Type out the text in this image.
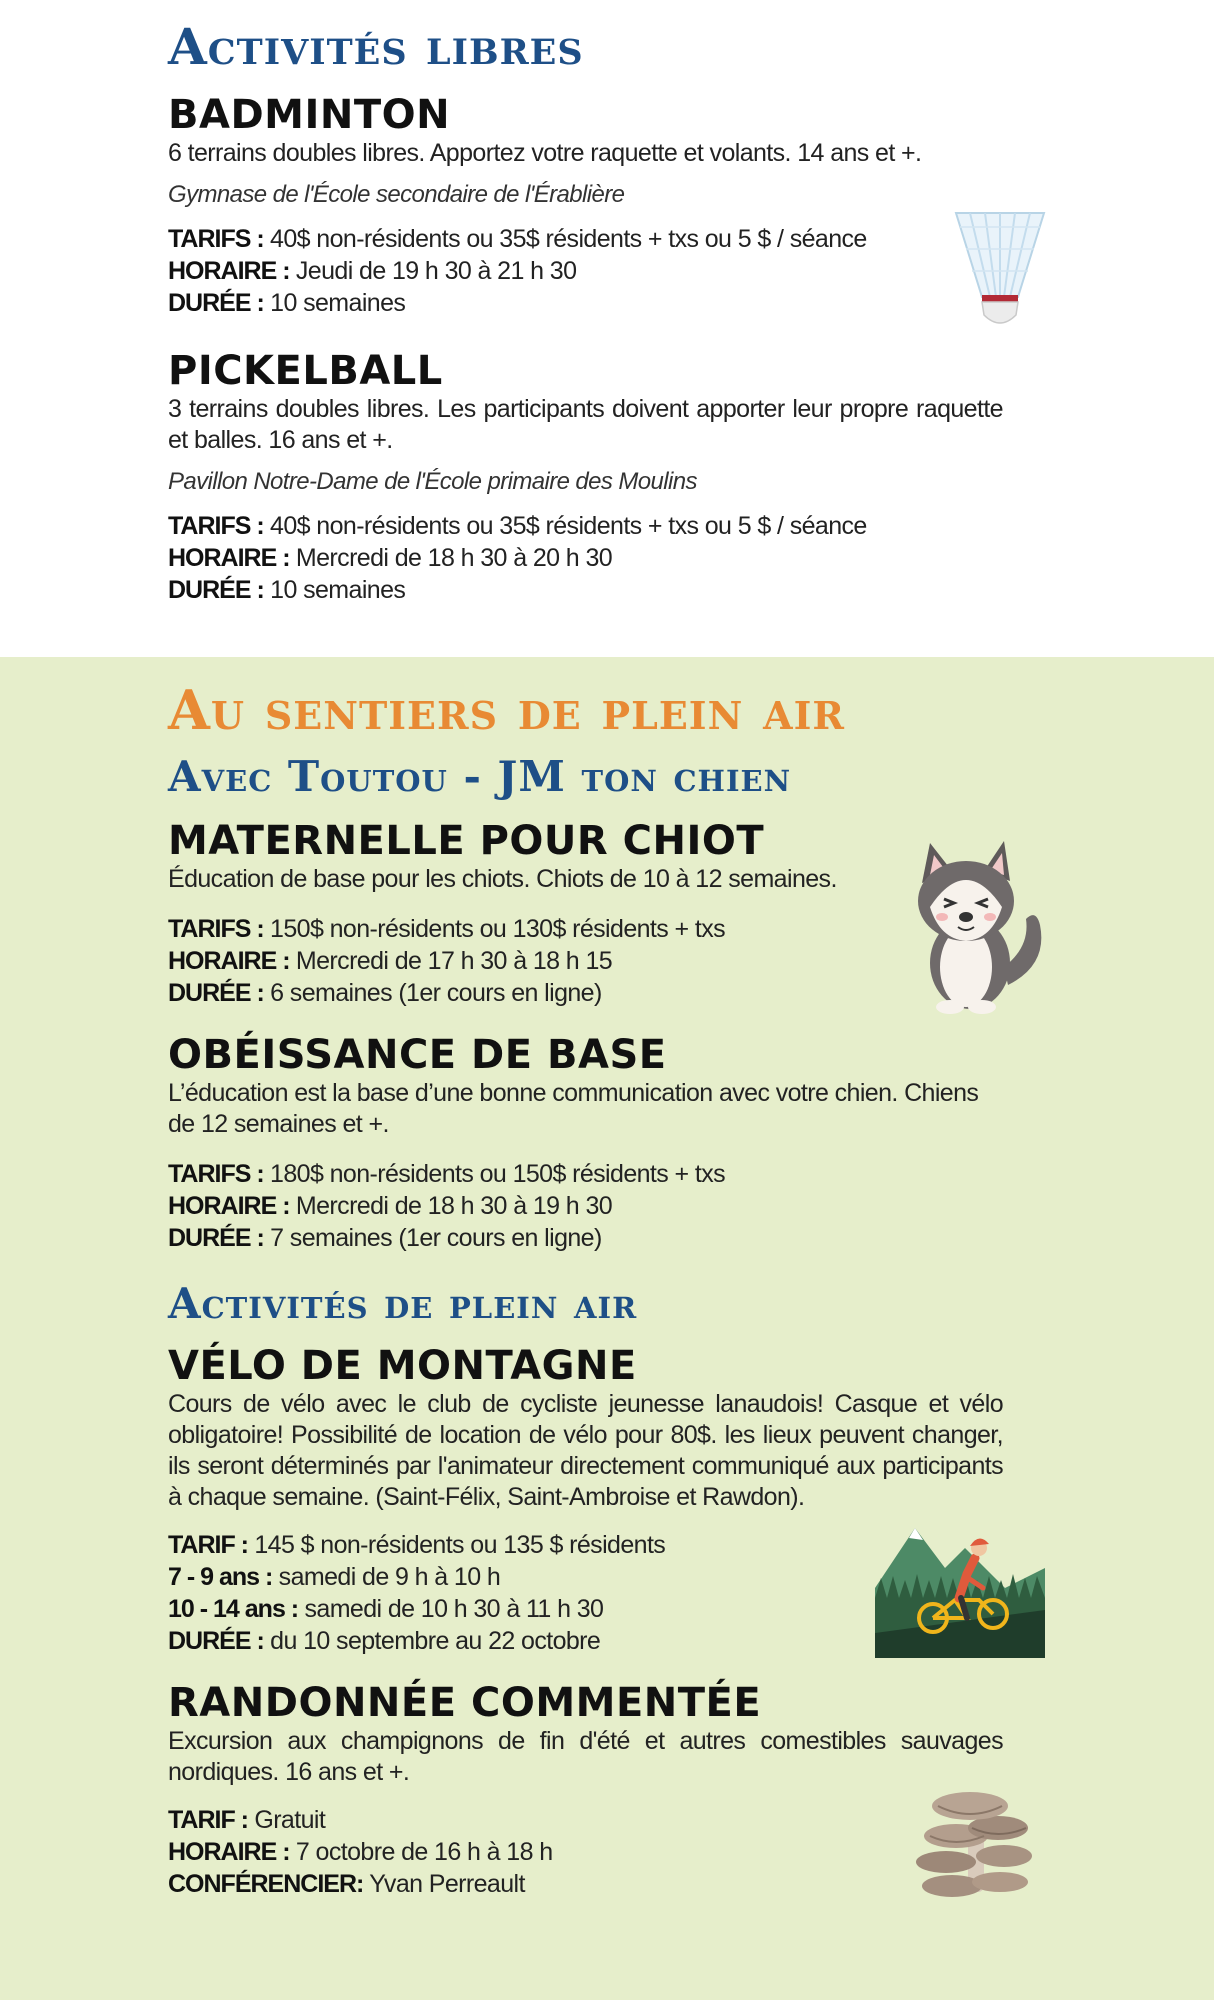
Activités libres
BADMINTON
6 terrains doubles libres. Apportez votre raquette et volants. 14 ans et +.
Gymnase de l'École secondaire de l'Érablière
TARIFS : 40$ non-résidents ou 35$ résidents + txs ou 5 $ / séance
HORAIRE : Jeudi de 19 h 30 à 21 h 30
DURÉE : 10 semaines
PICKELBALL
3 terrains doubles libres. Les participants doivent apporter leur propre raquette et balles. 16 ans et +.
Pavillon Notre-Dame de l'École primaire des Moulins
TARIFS : 40$ non-résidents ou 35$ résidents + txs ou 5 $ / séance
HORAIRE : Mercredi de 18 h 30 à 20 h 30
DURÉE : 10 semaines
Au sentiers de plein air
Avec Toutou - JM ton chien
MATERNELLE POUR CHIOT
Éducation de base pour les chiots. Chiots de 10 à 12 semaines.
TARIFS : 150$ non-résidents ou 130$ résidents + txs
HORAIRE : Mercredi de 17 h 30 à 18 h 15
DURÉE : 6 semaines (1er cours en ligne)
OBÉISSANCE DE BASE
L’éducation est la base d’une bonne communication avec votre chien. Chiens de 12 semaines et +.
TARIFS : 180$ non-résidents ou 150$ résidents + txs
HORAIRE : Mercredi de 18 h 30 à 19 h 30
DURÉE : 7 semaines (1er cours en ligne)
Activités de plein air
VÉLO DE MONTAGNE
Cours de vélo avec le club de cycliste jeunesse lanaudois! Casque et vélo obligatoire! Possibilité de location de vélo pour 80$. les lieux peuvent changer, ils seront déterminés par l'animateur directement communiqué aux participants à chaque semaine. (Saint-Félix, Saint-Ambroise et Rawdon).
TARIF : 145 $ non-résidents ou 135 $ résidents
7 - 9 ans : samedi de 9 h à 10 h
10 - 14 ans : samedi de 10 h 30 à 11 h 30
DURÉE : du 10 septembre au 22 octobre
RANDONNÉE COMMENTÉE
Excursion aux champignons de fin d'été et autres comestibles sauvages nordiques. 16 ans et +.
TARIF : Gratuit
HORAIRE : 7 octobre de 16 h à 18 h
CONFÉRENCIER: Yvan Perreault
